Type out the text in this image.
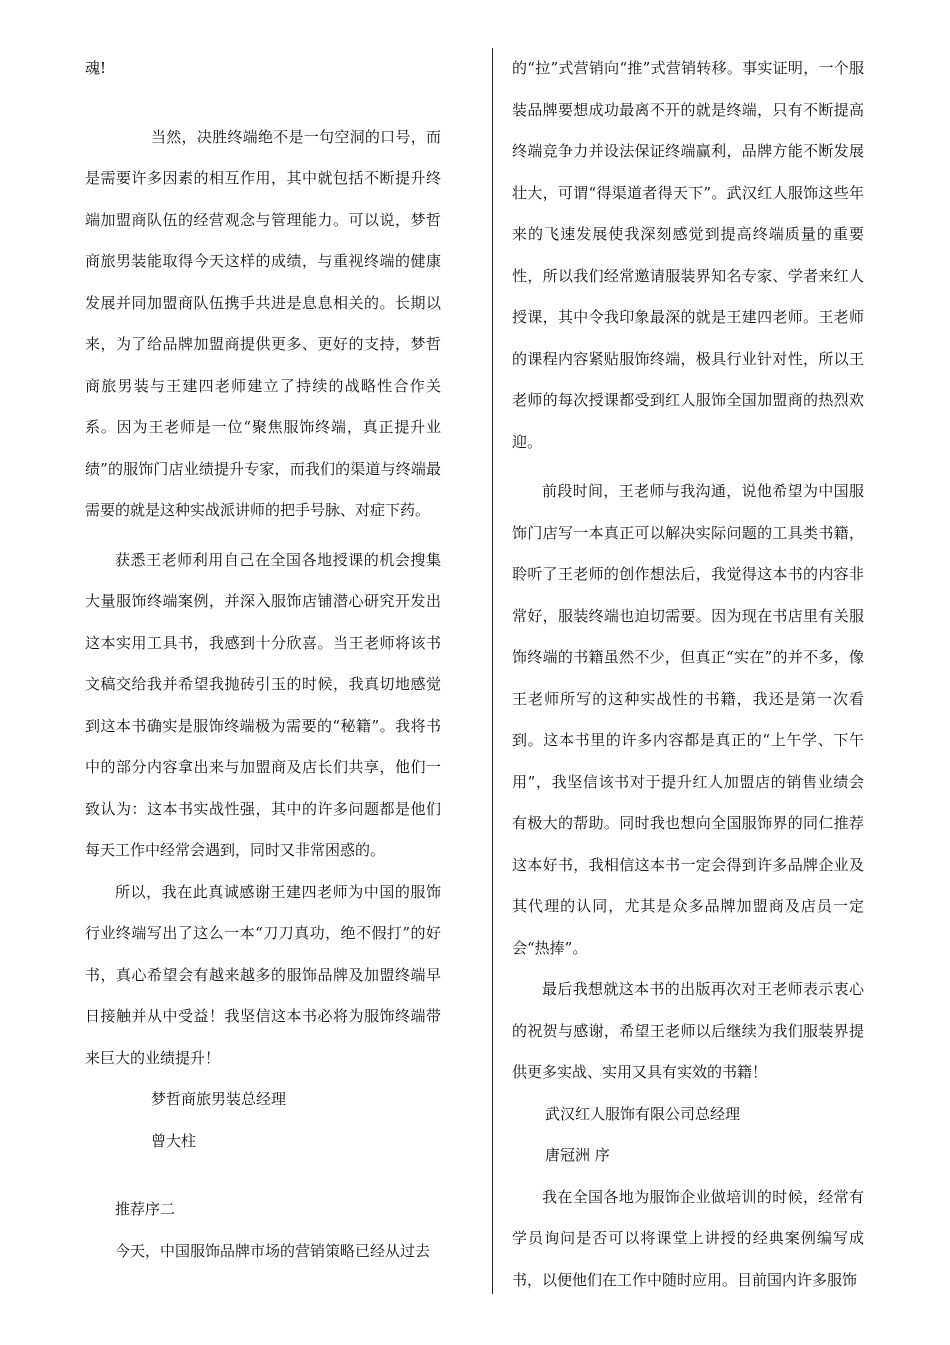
魂!

当然，决胜终端绝不是一句空洞的口号，而是需要许多因素的相互作用，其中就包括不断提升终端加盟商队伍的经营观念与管理能力。可以说，梦哲商旅男装能取得今天这样的成绩，与重视终端的健康发展并同加盟商队伍携手共进是息息相关的。长期以来，为了给品牌加盟商提供更多、更好的支持，梦哲商旅男装与王建四老师建立了持续的战略性合作关系。因为王老师是一位“聚焦服饰终端，真正提升业绩”的服饰门店业绩提升专家，而我们的渠道与终端最需要的就是这种实战派讲师的把手号脉、对症下药。

获悉王老师利用自己在全国各地授课的机会搜集大量服饰终端案例，并深入服饰店铺潜心研究开发出这本实用工具书，我感到十分欣喜。当王老师将该书文稿交给我并希望我抛砖引玉的时候，我真切地感觉到这本书确实是服饰终端极为需要的“秘籍”。我将书中的部分内容拿出来与加盟商及店长们共享，他们一致认为：这本书实战性强，其中的许多问题都是他们每天工作中经常会遇到，同时又非常困惑的。

所以，我在此真诚感谢王建四老师为中国的服饰行业终端写出了这么一本“刀刀真功，绝不假打”的好书，真心希望会有越来越多的服饰品牌及加盟终端早日接触并从中受益！我坚信这本书必将为服饰终端带来巨大的业绩提升！

梦哲商旅男装总经理

曾大柱

推荐序二

今天，中国服饰品牌市场的营销策略已经从过去

的“拉”式营销向“推”式营销转移。事实证明，一个服装品牌要想成功最离不开的就是终端，只有不断提高终端竞争力并设法保证终端赢利，品牌方能不断发展壮大，可谓“得渠道者得天下”。武汉红人服饰这些年来的飞速发展使我深刻感觉到提高终端质量的重要性，所以我们经常邀请服装界知名专家、学者来红人授课，其中令我印象最深的就是王建四老师。王老师的课程内容紧贴服饰终端，极具行业针对性，所以王老师的每次授课都受到红人服饰全国加盟商的热烈欢迎。

前段时间，王老师与我沟通，说他希望为中国服饰门店写一本真正可以解决实际问题的工具类书籍，聆听了王老师的创作想法后，我觉得这本书的内容非常好，服装终端也迫切需要。因为现在书店里有关服饰终端的书籍虽然不少，但真正“实在”的并不多，像王老师所写的这种实战性的书籍，我还是第一次看到。这本书里的许多内容都是真正的“上午学、下午用”，我坚信该书对于提升红人加盟店的销售业绩会有极大的帮助。同时我也想向全国服饰界的同仁推荐这本好书，我相信这本书一定会得到许多品牌企业及其代理的认同，尤其是众多品牌加盟商及店员一定会“热捧”。

最后我想就这本书的出版再次对王老师表示衷心的祝贺与感谢，希望王老师以后继续为我们服装界提供更多实战、实用又具有实效的书籍！

武汉红人服饰有限公司总经理

唐冠洲 序

我在全国各地为服饰企业做培训的时候，经常有学员询问是否可以将课堂上讲授的经典案例编写成书，以便他们在工作中随时应用。目前国内许多服饰
